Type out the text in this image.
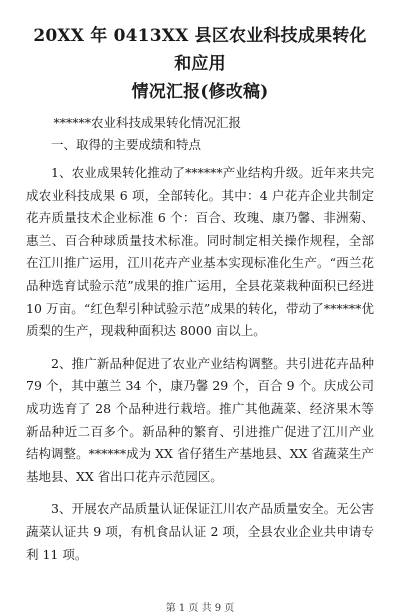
20XX 年 0413XX 县区农业科技成果转化和应用
情况汇报(修改稿)

******农业科技成果转化情况汇报

一、取得的主要成绩和特点

1、农业成果转化推动了******产业结构升级。近年来共完成农业科技成果 6 项，全部转化。其中：4 户花卉企业共制定花卉质量技术企业标准 6 个：百合、玫瑰、康乃馨、非洲菊、惠兰、百合种球质量技术标准。同时制定相关操作规程，全部在江川推广运用，江川花卉产业基本实现标准化生产。“西兰花品种选育试验示范”成果的推广运用，全县花菜栽种面积已经进 10 万亩。“红色犁引种试验示范”成果的转化，带动了******优质梨的生产，现栽种面积达 8000 亩以上。

2、推广新品种促进了农业产业结构调整。共引进花卉品种 79 个，其中蕙兰 34 个，康乃馨 29 个，百合 9 个。庆成公司成功选育了 28 个品种进行栽培。推广其他蔬菜、经济果木等新品种近二百多个。新品种的繁育、引进推广促进了江川产业结构调整。******成为 XX 省仔猪生产基地县、XX 省蔬菜生产基地县、XX 省出口花卉示范园区。

3、开展农产品质量认证保证江川农产品质量安全。无公害蔬菜认证共 9 项，有机食品认证 2 项，全县农业企业共申请专利 11 项。

第 1 页 共 9 页
